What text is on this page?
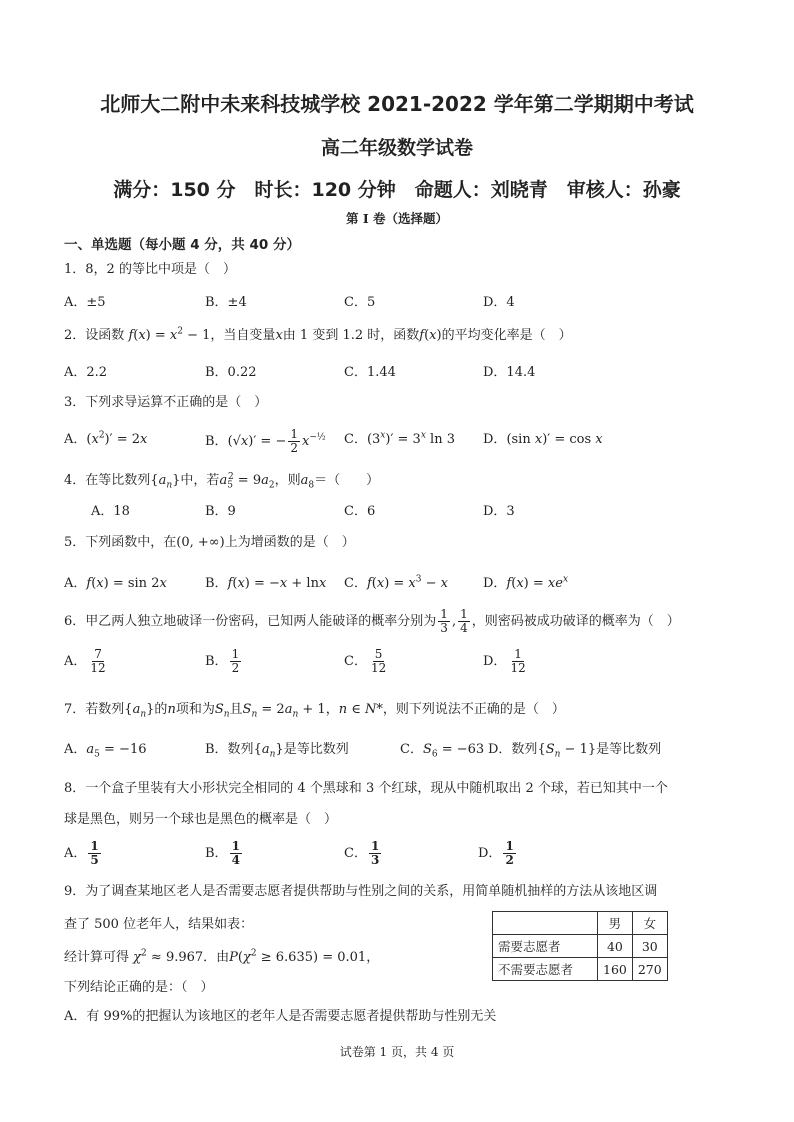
北师大二附中未来科技城学校 2021-2022 学年第二学期期中考试
高二年级数学试卷
满分：150 分　时长：120 分钟　命题人：刘晓青　审核人：孙豪
第 I 卷（选择题）
一、单选题（每小题 4 分，共 40 分）
1．8，2 的等比中项是（　）
A．±5	B．±4	C．5	D．4
2．设函数 $f(x) = x^2 - 1$，当自变量x由 1 变到 1.2 时，函数f(x)的平均变化率是（　）
A．2.2	B．0.22	C．1.44	D．14.4
3．下列求导运算不正确的是（　）
A．$(x^2)' = 2x$	B．(√x)′ = − $\frac{1}{2} x^{-\frac{1}{2}}$ C．$(3^x)' = 3^x$ ln 3 D．(sin x)′ = cos x
4．在等比数列$\{a_n\}$中，若$a_5^2 = 9a_2$，则$a_8=$（　　）
A．18	B．9	C．6	D．3
5．下列函数中，在(0, +∞)上为增函数的是（　）
A．f(x) = sin 2x	B．f(x) = −x + lnx C．$f(x) = x^3 - x$	D．$f(x) = xe^x$
6．甲乙两人独立地破译一份密码，已知两人能破译的概率分别为 $\frac{1}{3}$ , $\frac{1}{4}$ ，则密码被成功破译的概率为（　）
A． $\frac{7}{12}$	B． $\frac{1}{2}$	C． $\frac{5}{12}$	D． $\frac{1}{12}$
7．若数列$\{a_n\}$的n项和为$S_n$且$S_n = 2a_n + 1$，n ∈ N*，则下列说法不正确的是（　）
A．$a_5 = -16$	B．数列$\{a_n\}$是等比数列	C．$S_6 = -63$ D．数列$\{S_n - 1\}$是等比数列
8．一个盒子里装有大小形状完全相同的 4 个黑球和 3 个红球，现从中随机取出 2 个球，若已知其中一个
球是黑色，则另一个球也是黑色的概率是（　）
A． $\frac{1}{5}$	B． $\frac{1}{4}$	C． $\frac{1}{3}$	D． $\frac{1}{2}$
9．为了调查某地区老人是否需要志愿者提供帮助与性别之间的关系，用简单随机抽样的方法从该地区调
查了 500 位老年人，结果如表：
经计算可得 $\chi^2 \approx 9.967$．由$P(\chi^2 \ge 6.635) = 0.01$，
下列结论正确的是：（　）
	男	女
需要志愿者	40	30
不需要志愿者	160	270
A．有 99%的把握认为该地区的老年人是否需要志愿者提供帮助与性别无关
试卷第 1 页，共 4 页
